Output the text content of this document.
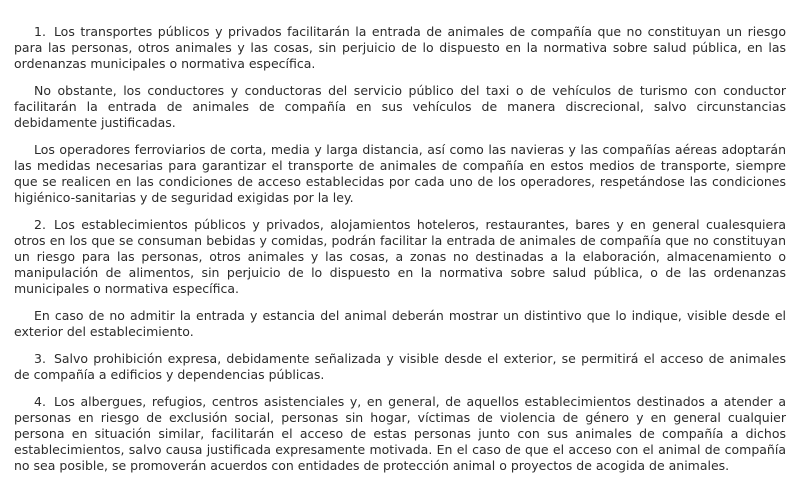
1. Los transportes públicos y privados facilitarán la entrada de animales de compañía que no constituyan un riesgo para las personas, otros animales y las cosas, sin perjuicio de lo dispuesto en la normativa sobre salud pública, en las ordenanzas municipales o normativa específica.

No obstante, los conductores y conductoras del servicio público del taxi o de vehículos de turismo con conductor facilitarán la entrada de animales de compañía en sus vehículos de manera discrecional, salvo circunstancias debidamente justificadas.

Los operadores ferroviarios de corta, media y larga distancia, así como las navieras y las compañías aéreas adoptarán las medidas necesarias para garantizar el transporte de animales de compañía en estos medios de transporte, siempre que se realicen en las condiciones de acceso establecidas por cada uno de los operadores, respetándose las condiciones higiénico-sanitarias y de seguridad exigidas por la ley.

2. Los establecimientos públicos y privados, alojamientos hoteleros, restaurantes, bares y en general cualesquiera otros en los que se consuman bebidas y comidas, podrán facilitar la entrada de animales de compañía que no constituyan un riesgo para las personas, otros animales y las cosas, a zonas no destinadas a la elaboración, almacenamiento o manipulación de alimentos, sin perjuicio de lo dispuesto en la normativa sobre salud pública, o de las ordenanzas municipales o normativa específica.

En caso de no admitir la entrada y estancia del animal deberán mostrar un distintivo que lo indique, visible desde el exterior del establecimiento.

3. Salvo prohibición expresa, debidamente señalizada y visible desde el exterior, se permitirá el acceso de animales de compañía a edificios y dependencias públicas.

4. Los albergues, refugios, centros asistenciales y, en general, de aquellos establecimientos destinados a atender a personas en riesgo de exclusión social, personas sin hogar, víctimas de violencia de género y en general cualquier persona en situación similar, facilitarán el acceso de estas personas junto con sus animales de compañía a dichos establecimientos, salvo causa justificada expresamente motivada. En el caso de que el acceso con el animal de compañía no sea posible, se promoverán acuerdos con entidades de protección animal o proyectos de acogida de animales.
